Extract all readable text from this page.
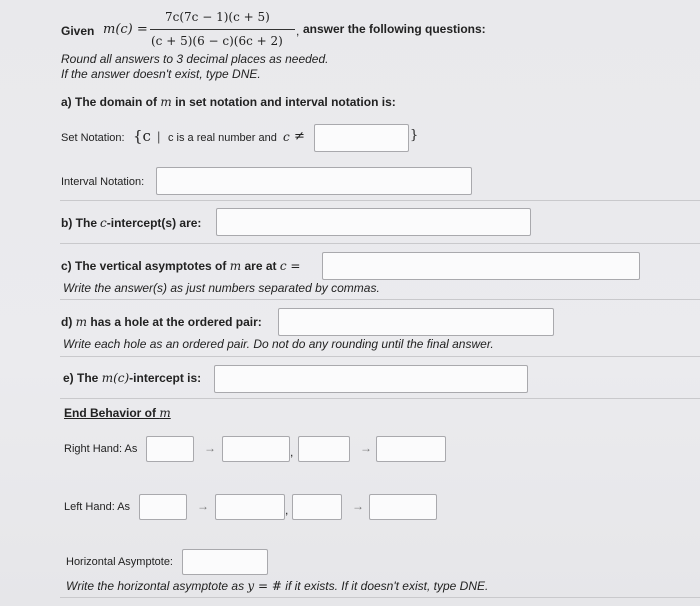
Given m(c) =
7c(7c − 1)(c + 5)
(c + 5)(6 − c)(6c + 2)
, answer the following questions:
Round all answers to 3 decimal places as needed.
If the answer doesn't exist, type DNE.
a) The domain of m in set notation and interval notation is:
Set Notation: {c | c is a real number and c ≠	}
Interval Notation:
b) The c-intercept(s) are:
c) The vertical asymptotes of m are at c =
Write the answer(s) as just numbers separated by commas.
d) m has a hole at the ordered pair:
Write each hole as an ordered pair. Do not do any rounding until the final answer.
e) The m(c)-intercept is:
End Behavior of m
Right Hand: As	→	,	→
Left Hand: As	→	,	→
Horizontal Asymptote:
Write the horizontal asymptote as y = # if it exists. If it doesn't exist, type DNE.
